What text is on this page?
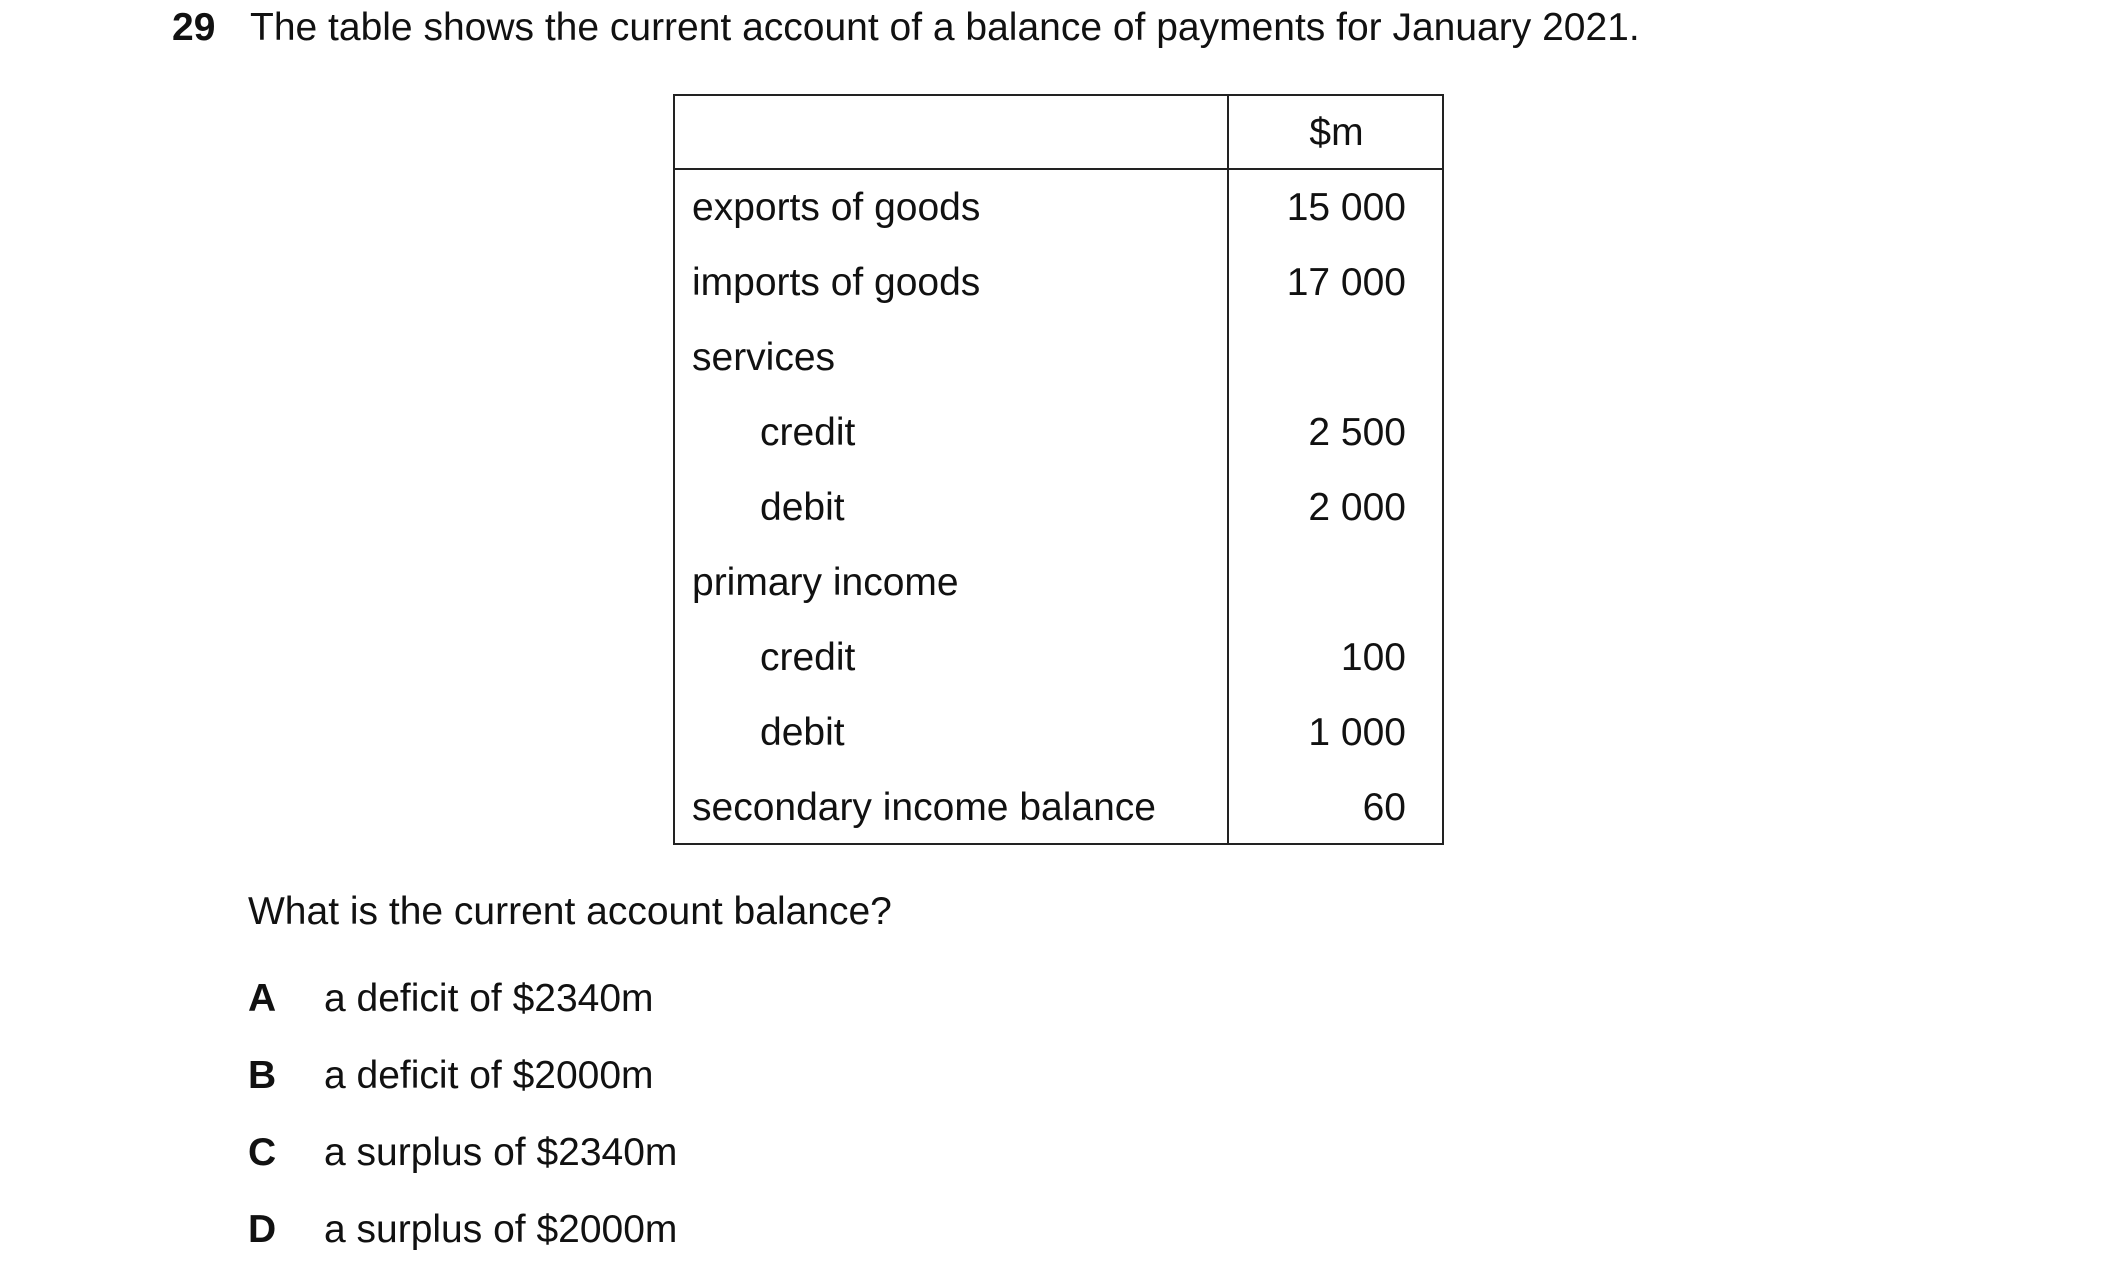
29 The table shows the current account of a balance of payments for January 2021.
$m
exports of goods	15 000
imports of goods	17 000
services
credit	2 500
debit	2 000
primary income
credit	100
debit	1 000
secondary income balance	60
What is the current account balance?
A a deficit of $2340m
B a deficit of $2000m
C a surplus of $2340m
D a surplus of $2000m
